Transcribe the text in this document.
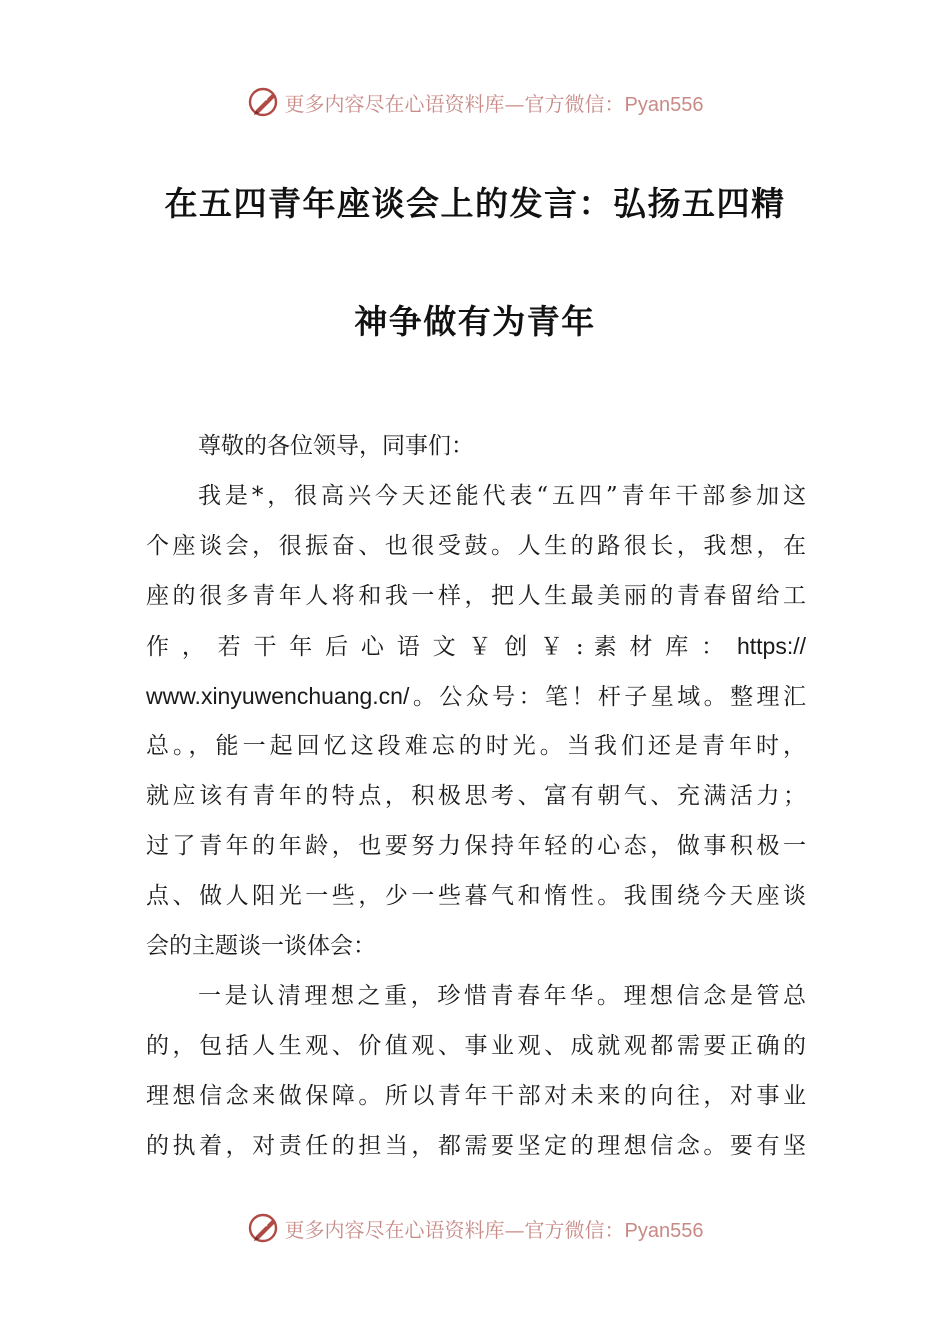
更多内容尽在心语资料库—官方微信：Pyan556
在五四青年座谈会上的发言：弘扬五四精
神争做有为青年
尊敬的各位领导，同事们：
我是*，很高兴今天还能代表“五四”青年干部参加这
个座谈会，很振奋、也很受鼓。人生的路很长，我想，在
座的很多青年人将和我一样，把人生最美丽的青春留给工
作 ， 若 干 年 后 心 语 文 ￥ 创 ￥ : 素 材 库 ： https://
www.xinyuwenchuang.cn/。公众号：笔！杆子星域。整理汇
总。，能一起回忆这段难忘的时光。当我们还是青年时，
就应该有青年的特点，积极思考、富有朝气、充满活力；
过了青年的年龄，也要努力保持年轻的心态，做事积极一
点、做人阳光一些，少一些暮气和惰性。我围绕今天座谈
会的主题谈一谈体会：
一是认清理想之重，珍惜青春年华。理想信念是管总
的，包括人生观、价值观、事业观、成就观都需要正确的
理想信念来做保障。所以青年干部对未来的向往，对事业
的执着，对责任的担当，都需要坚定的理想信念。要有坚
更多内容尽在心语资料库—官方微信：Pyan556
